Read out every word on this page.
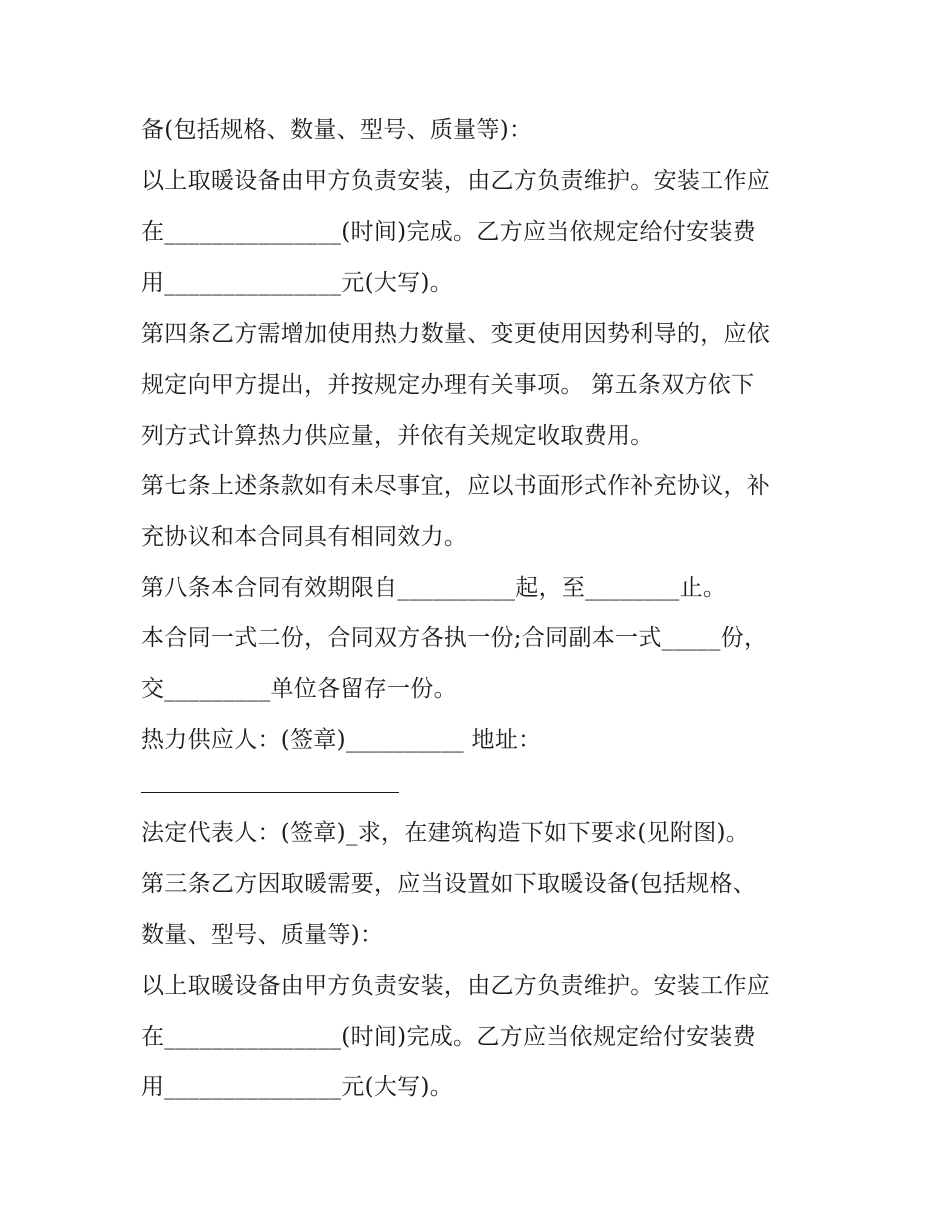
备(包括规格、数量、型号、质量等)：
以上取暖设备由甲方负责安装，由乙方负责维护。安装工作应
在_______________(时间)完成。乙方应当依规定给付安装费
用_______________元(大写)。
第四条乙方需增加使用热力数量、变更使用因势利导的，应依
规定向甲方提出，并按规定办理有关事项。 第五条双方依下
列方式计算热力供应量，并依有关规定收取费用。
第七条上述条款如有未尽事宜，应以书面形式作补充协议，补
充协议和本合同具有相同效力。
第八条本合同有效期限自__________起，至________止。
本合同一式二份，合同双方各执一份;合同副本一式_____份，
交_________单位各留存一份。
热力供应人：(签章)__________ 地址：
法定代表人：(签章)_求，在建筑构造下如下要求(见附图)。
第三条乙方因取暖需要，应当设置如下取暖设备(包括规格、
数量、型号、质量等)：
以上取暖设备由甲方负责安装，由乙方负责维护。安装工作应
在_______________(时间)完成。乙方应当依规定给付安装费
用_______________元(大写)。
